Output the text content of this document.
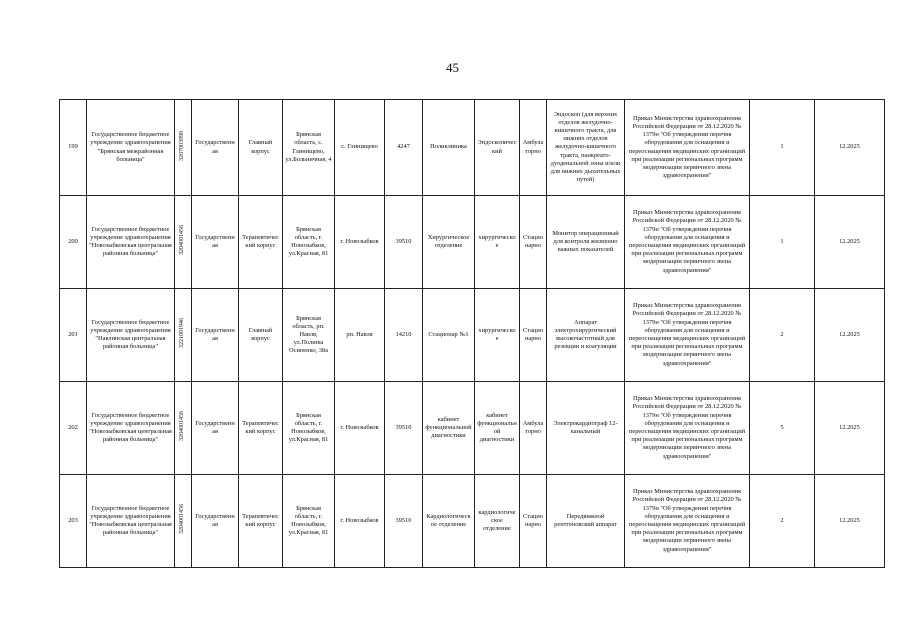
45
199	Государственное бюджетное учреждение здравоохранения "Брянская межрайонная больница"	3207003998	Государственная	Главный корпус	Брянская область, с. Глинищево, ул.Больничная, 4	с. Глинищево	4247	Поликлиника	Эндоскопический	Амбулаторно	Эндоскоп (для верхних отделов желудочно-кишечного тракта, для нижних отделов желудочно-кишечного тракта, панкреато-дуоденальной зоны и/или для нижних дыхательных путей)	Приказ Министерства здравоохранения Российской Федерации от 28.12.2020 № 1379н "Об утверждении перечня оборудования для оснащения и переоснащения медицинских организаций при реализации региональных программ модернизации первичного звена здравоохранения"	1	12.2025
200	Государственное бюджетное учреждение здравоохранения "Новозыбковская центральная районная больница"	3204001456	Государственная	Терапевтический корпус	Брянская область, г. Новозыбков, ул.Красная, 81	г. Новозыбков	39510	Хирургическое отделение	хирургическое	Стационарно	Монитор операционный для контроля жизненно важных показателей	Приказ Министерства здравоохранения Российской Федерации от 28.12.2020 № 1379н "Об утверждении перечня оборудования для оснащения и переоснащения медицинских организаций при реализации региональных программ модернизации первичного звена здравоохранения"	1	12.2025
201	Государственное бюджетное учреждение здравоохранения "Навлинская центральная районная больница"	3221001946	Государственная	Главный корпус	Брянская область, рп. Навля, ул.Полины Осипенко, 38а	рп. Навля	14210	Стационар №1	хирургическое	Стационарно	Аппарат электрохирургический высокочастотный для резекции и коагуляции	Приказ Министерства здравоохранения Российской Федерации от 28.12.2020 № 1379н "Об утверждении перечня оборудования для оснащения и переоснащения медицинских организаций при реализации региональных программ модернизации первичного звена здравоохранения"	2	12.2025
202	Государственное бюджетное учреждение здравоохранения "Новозыбковская центральная районная больница"	3204001456	Государственная	Терапевтический корпус	Брянская область, г. Новозыбков, ул.Красная, 81	г. Новозыбков	39510	кабинет функциональной диагностики	кабинет функциональной диагностики	Амбулаторно	Электрокардиограф 12-канальный	Приказ Министерства здравоохранения Российской Федерации от 28.12.2020 № 1379н "Об утверждении перечня оборудования для оснащения и переоснащения медицинских организаций при реализации региональных программ модернизации первичного звена здравоохранения"	5	12.2025
203	Государственное бюджетное учреждение здравоохранения "Новозыбковская центральная районная больница"	3204001456	Государственная	Терапевтический корпус	Брянская область, г. Новозыбков, ул.Красная, 81	г. Новозыбков	39510	Кардиологическое отделение	кардиологическое отделение	Стационарно	Передвижной рентгеновский аппарат	Приказ Министерства здравоохранения Российской Федерации от 28.12.2020 № 1379н "Об утверждении перечня оборудования для оснащения и переоснащения медицинских организаций при реализации региональных программ модернизации первичного звена здравоохранения"	2	12.2025
